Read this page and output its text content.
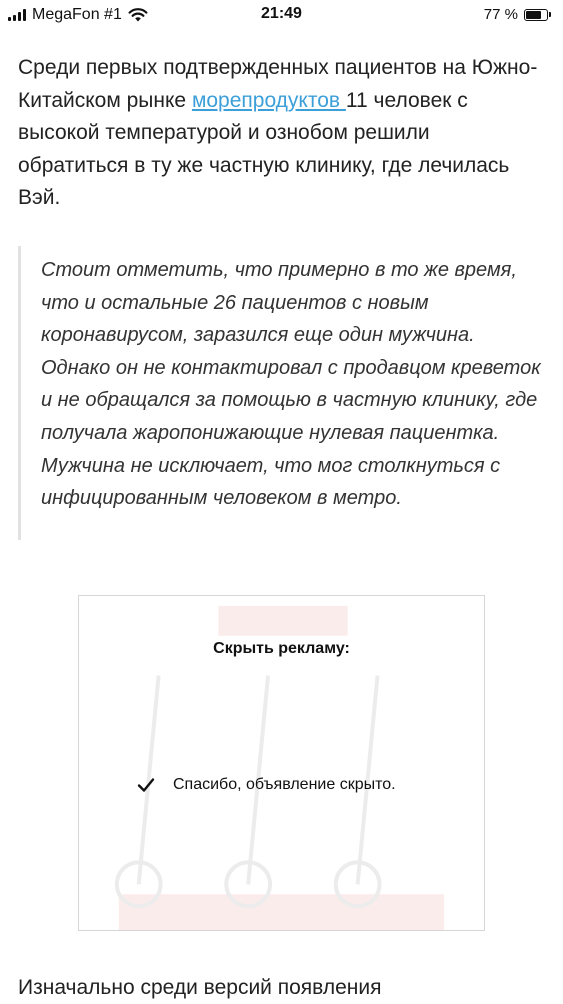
MegaFon #1	21:49	77 %

Среди первых подтвержденных пациентов на Южно-Китайском рынке морепродуктов 11 человек с высокой температурой и ознобом решили обратиться в ту же частную клинику, где лечилась Вэй.

Стоит отметить, что примерно в то же время, что и остальные 26 пациентов с новым коронавирусом, заразился еще один мужчина. Однако он не контактировал с продавцом креветок и не обращался за помощью в частную клинику, где получала жаропонижающие нулевая пациентка. Мужчина не исключает, что мог столкнуться с инфицированным человеком в метро.

Скрыть рекламу:
Спасибо, объявление скрыто.

Изначально среди версий появления
